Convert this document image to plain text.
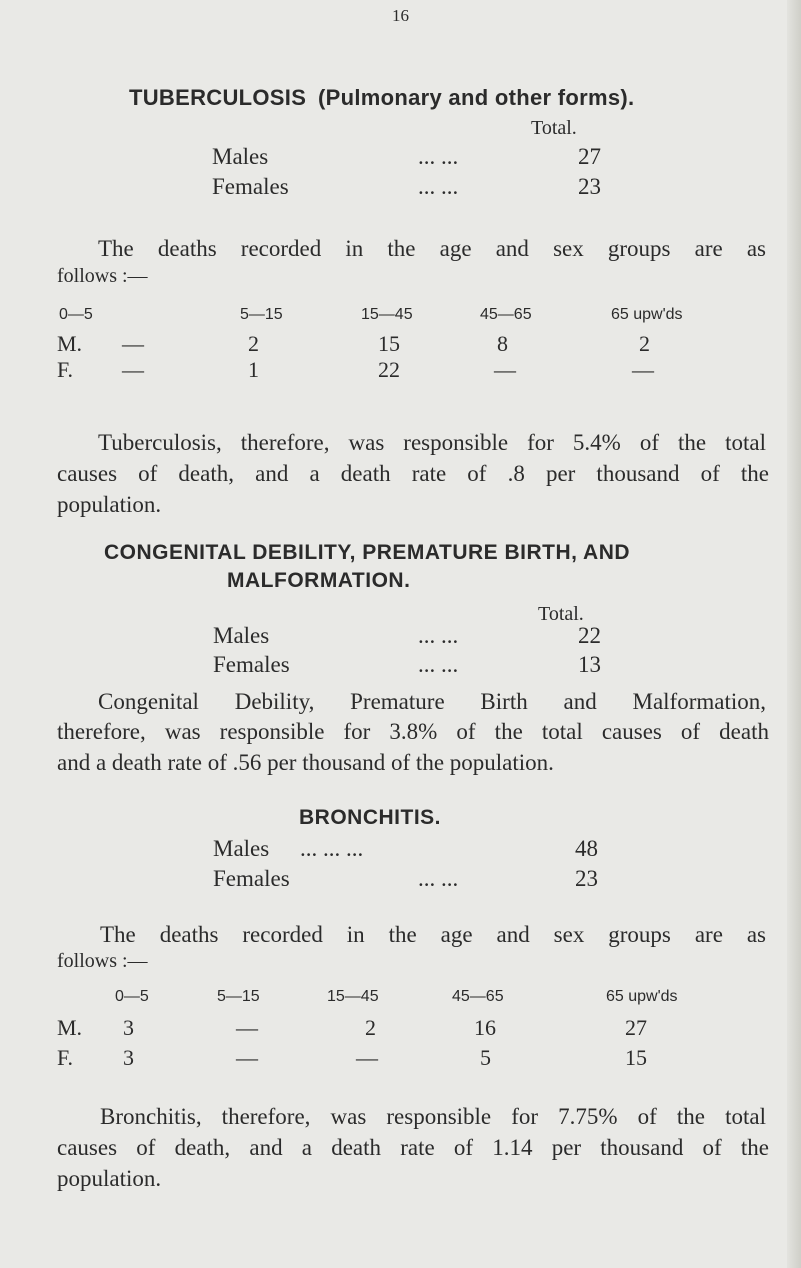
16
TUBERCULOSIS (Pulmonary and other forms).
Total.
Males	... ...	27
Females	... ...	23
The deaths recorded in the age and sex groups are as
follows :—
0—5	5—15	15—45	45—65	65 upw'ds
M. —	2	15	8	2
F. —	1	22	—	—
Tuberculosis, therefore, was responsible for 5.4% of the total
causes of death, and a death rate of .8 per thousand of the
population.
CONGENITAL DEBILITY, PREMATURE BIRTH, AND
MALFORMATION.
Total.
Males	... ...	22
Females	... ...	13
Congenital Debility, Premature Birth and Malformation,
therefore, was responsible for 3.8% of the total causes of death
and a death rate of .56 per thousand of the population.
BRONCHITIS.
Males ... ... ...	48
Females	... ...	23
The deaths recorded in the age and sex groups are as
follows :—
0—5	5—15	15—45	45—65	65 upw'ds
M. 3	—	2	16	27
F. 3	—	—	5	15
Bronchitis, therefore, was responsible for 7.75% of the total
causes of death, and a death rate of 1.14 per thousand of the
population.
